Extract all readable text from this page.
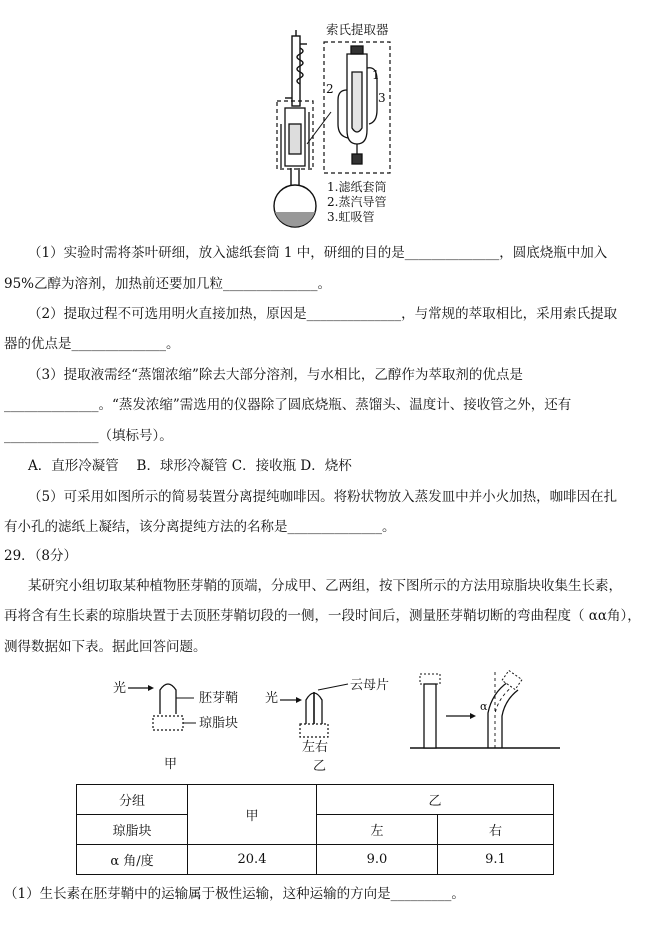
索氏提取器
1
2
3
1.滤纸套筒
2.蒸汽导管
3.虹吸管
（1）实验时需将茶叶研细，放入滤纸套筒 1 中，研细的目的是______________，圆底烧瓶中加入
95%乙醇为溶剂，加热前还要加几粒______________。
（2）提取过程不可选用明火直接加热，原因是______________，与常规的萃取相比，采用索氏提取
器的优点是______________。
（3）提取液需经“蒸馏浓缩”除去大部分溶剂，与水相比，乙醇作为萃取剂的优点是
______________。“蒸发浓缩”需选用的仪器除了圆底烧瓶、蒸馏头、温度计、接收管之外，还有
______________（填标号）。
A．直形冷凝管　 B．球形冷凝管 C．接收瓶 D．烧杯
（5）可采用如图所示的简易装置分离提纯咖啡因。将粉状物放入蒸发皿中并小火加热，咖啡因在扎
有小孔的滤纸上凝结，该分离提纯方法的名称是______________。
29．（8分）
某研究小组切取某种植物胚芽鞘的顶端，分成甲、乙两组，按下图所示的方法用琼脂块收集生长素，
再将含有生长素的琼脂块置于去顶胚芽鞘切段的一侧，一段时间后，测量胚芽鞘切断的弯曲程度（ αα角），
测得数据如下表。据此回答问题。
光
胚芽鞘
琼脂块
甲
光
云母片
左右
乙
α
分组	甲	乙	
琼脂块		左	右
α 角/度	20.4	9.0	9.1
（1）生长素在胚芽鞘中的运输属于极性运输，这种运输的方向是_________。
